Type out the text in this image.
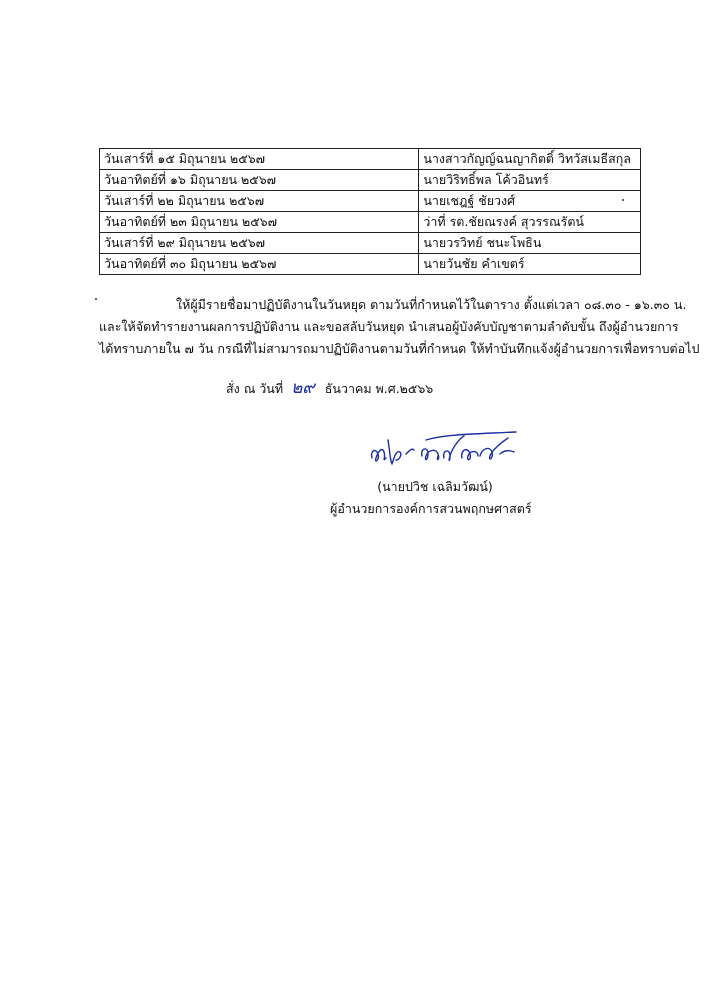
วันเสาร์ที่ ๑๕ มิถุนายน ๒๕๖๗	นางสาวกัญญ์ฉนญากิตติ์ วิทวัสเมธีสกุล
วันอาทิตย์ที่ ๑๖ มิถุนายน ๒๕๖๗	นายวิริทธิ์พล โค้วอินทร์
วันเสาร์ที่ ๒๒ มิถุนายน ๒๕๖๗	นายเชฎฐ์ ชัยวงศ์
วันอาทิตย์ที่ ๒๓ มิถุนายน ๒๕๖๗	ว่าที่ รต.ชัยณรงค์ สุวรรณรัตน์
วันเสาร์ที่ ๒๙ มิถุนายน ๒๕๖๗	นายวรวิทย์ ชนะโพธิน
วันอาทิตย์ที่ ๓๐ มิถุนายน ๒๕๖๗	นายวันชัย คำเขตร์
ให้ผู้มีรายชื่อมาปฏิบัติงานในวันหยุด ตามวันที่กำหนดไว้ในตาราง ตั้งแต่เวลา ๐๘.๓๐ - ๑๖.๓๐ น.
และให้จัดทำรายงานผลการปฏิบัติงาน และขอสลับวันหยุด นำเสนอผู้บังคับบัญชาตามลำดับขั้น ถึงผู้อำนวยการ
ได้ทราบภายใน ๗ วัน กรณีที่ไม่สามารถมาปฏิบัติงานตามวันที่กำหนด ให้ทำบันทึกแจ้งผู้อำนวยการเพื่อทราบต่อไป
สั่ง ณ วันที่ ๒๙ ธันวาคม พ.ศ.๒๕๖๖
(นายปวิช เฉลิมวัฒน์)
ผู้อำนวยการองค์การสวนพฤกษศาสตร์
